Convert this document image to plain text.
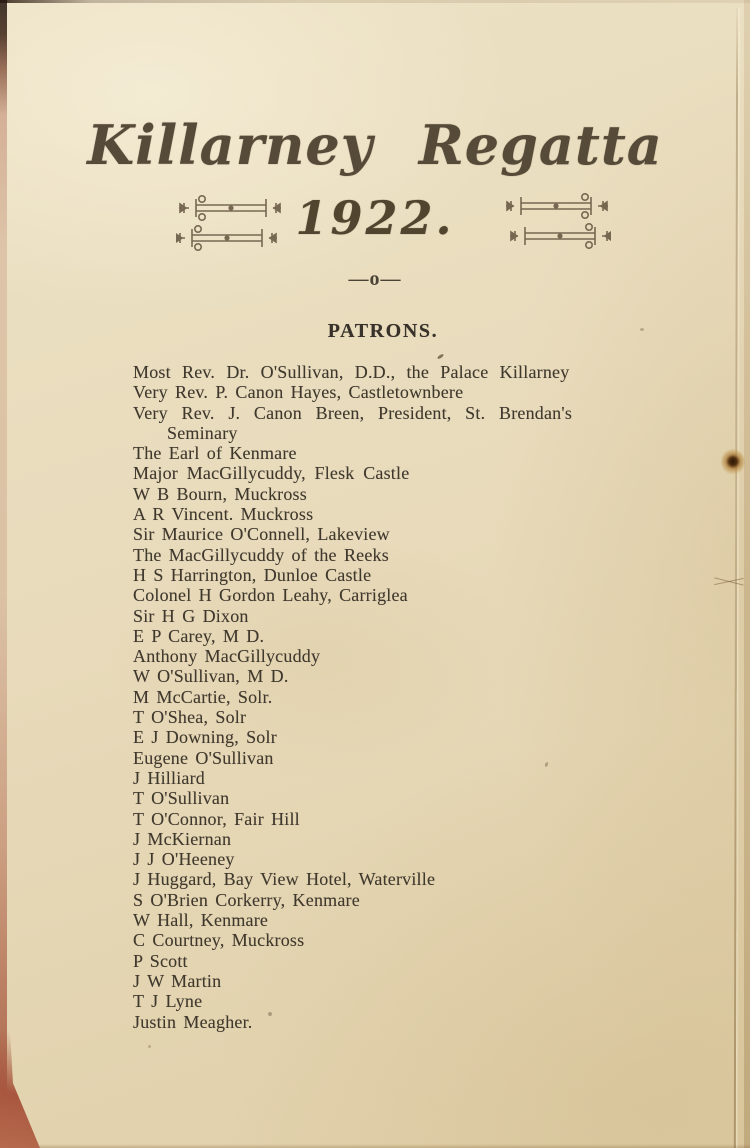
Killarney Regatta
1922.
—o—
PATRONS.
Most Rev. Dr. O'Sullivan, D.D., the Palace Killarney
Very Rev. P. Canon Hayes, Castletownbere
Very Rev. J. Canon Breen, President, St. Brendan's
Seminary
The Earl of Kenmare
Major MacGillycuddy, Flesk Castle
W B Bourn, Muckross
A R Vincent. Muckross
Sir Maurice O'Connell, Lakeview
The MacGillycuddy of the Reeks
H S Harrington, Dunloe Castle
Colonel H Gordon Leahy, Carriglea
Sir H G Dixon
E P Carey, M D.
Anthony MacGillycuddy
W O'Sullivan, M D.
M McCartie, Solr.
T O'Shea, Solr
E J Downing, Solr
Eugene O'Sullivan
J Hilliard
T O'Sullivan
T O'Connor, Fair Hill
J McKiernan
J J O'Heeney
J Huggard, Bay View Hotel, Waterville
S O'Brien Corkerry, Kenmare
W Hall, Kenmare
C Courtney, Muckross
P Scott
J W Martin
T J Lyne
Justin Meagher.
